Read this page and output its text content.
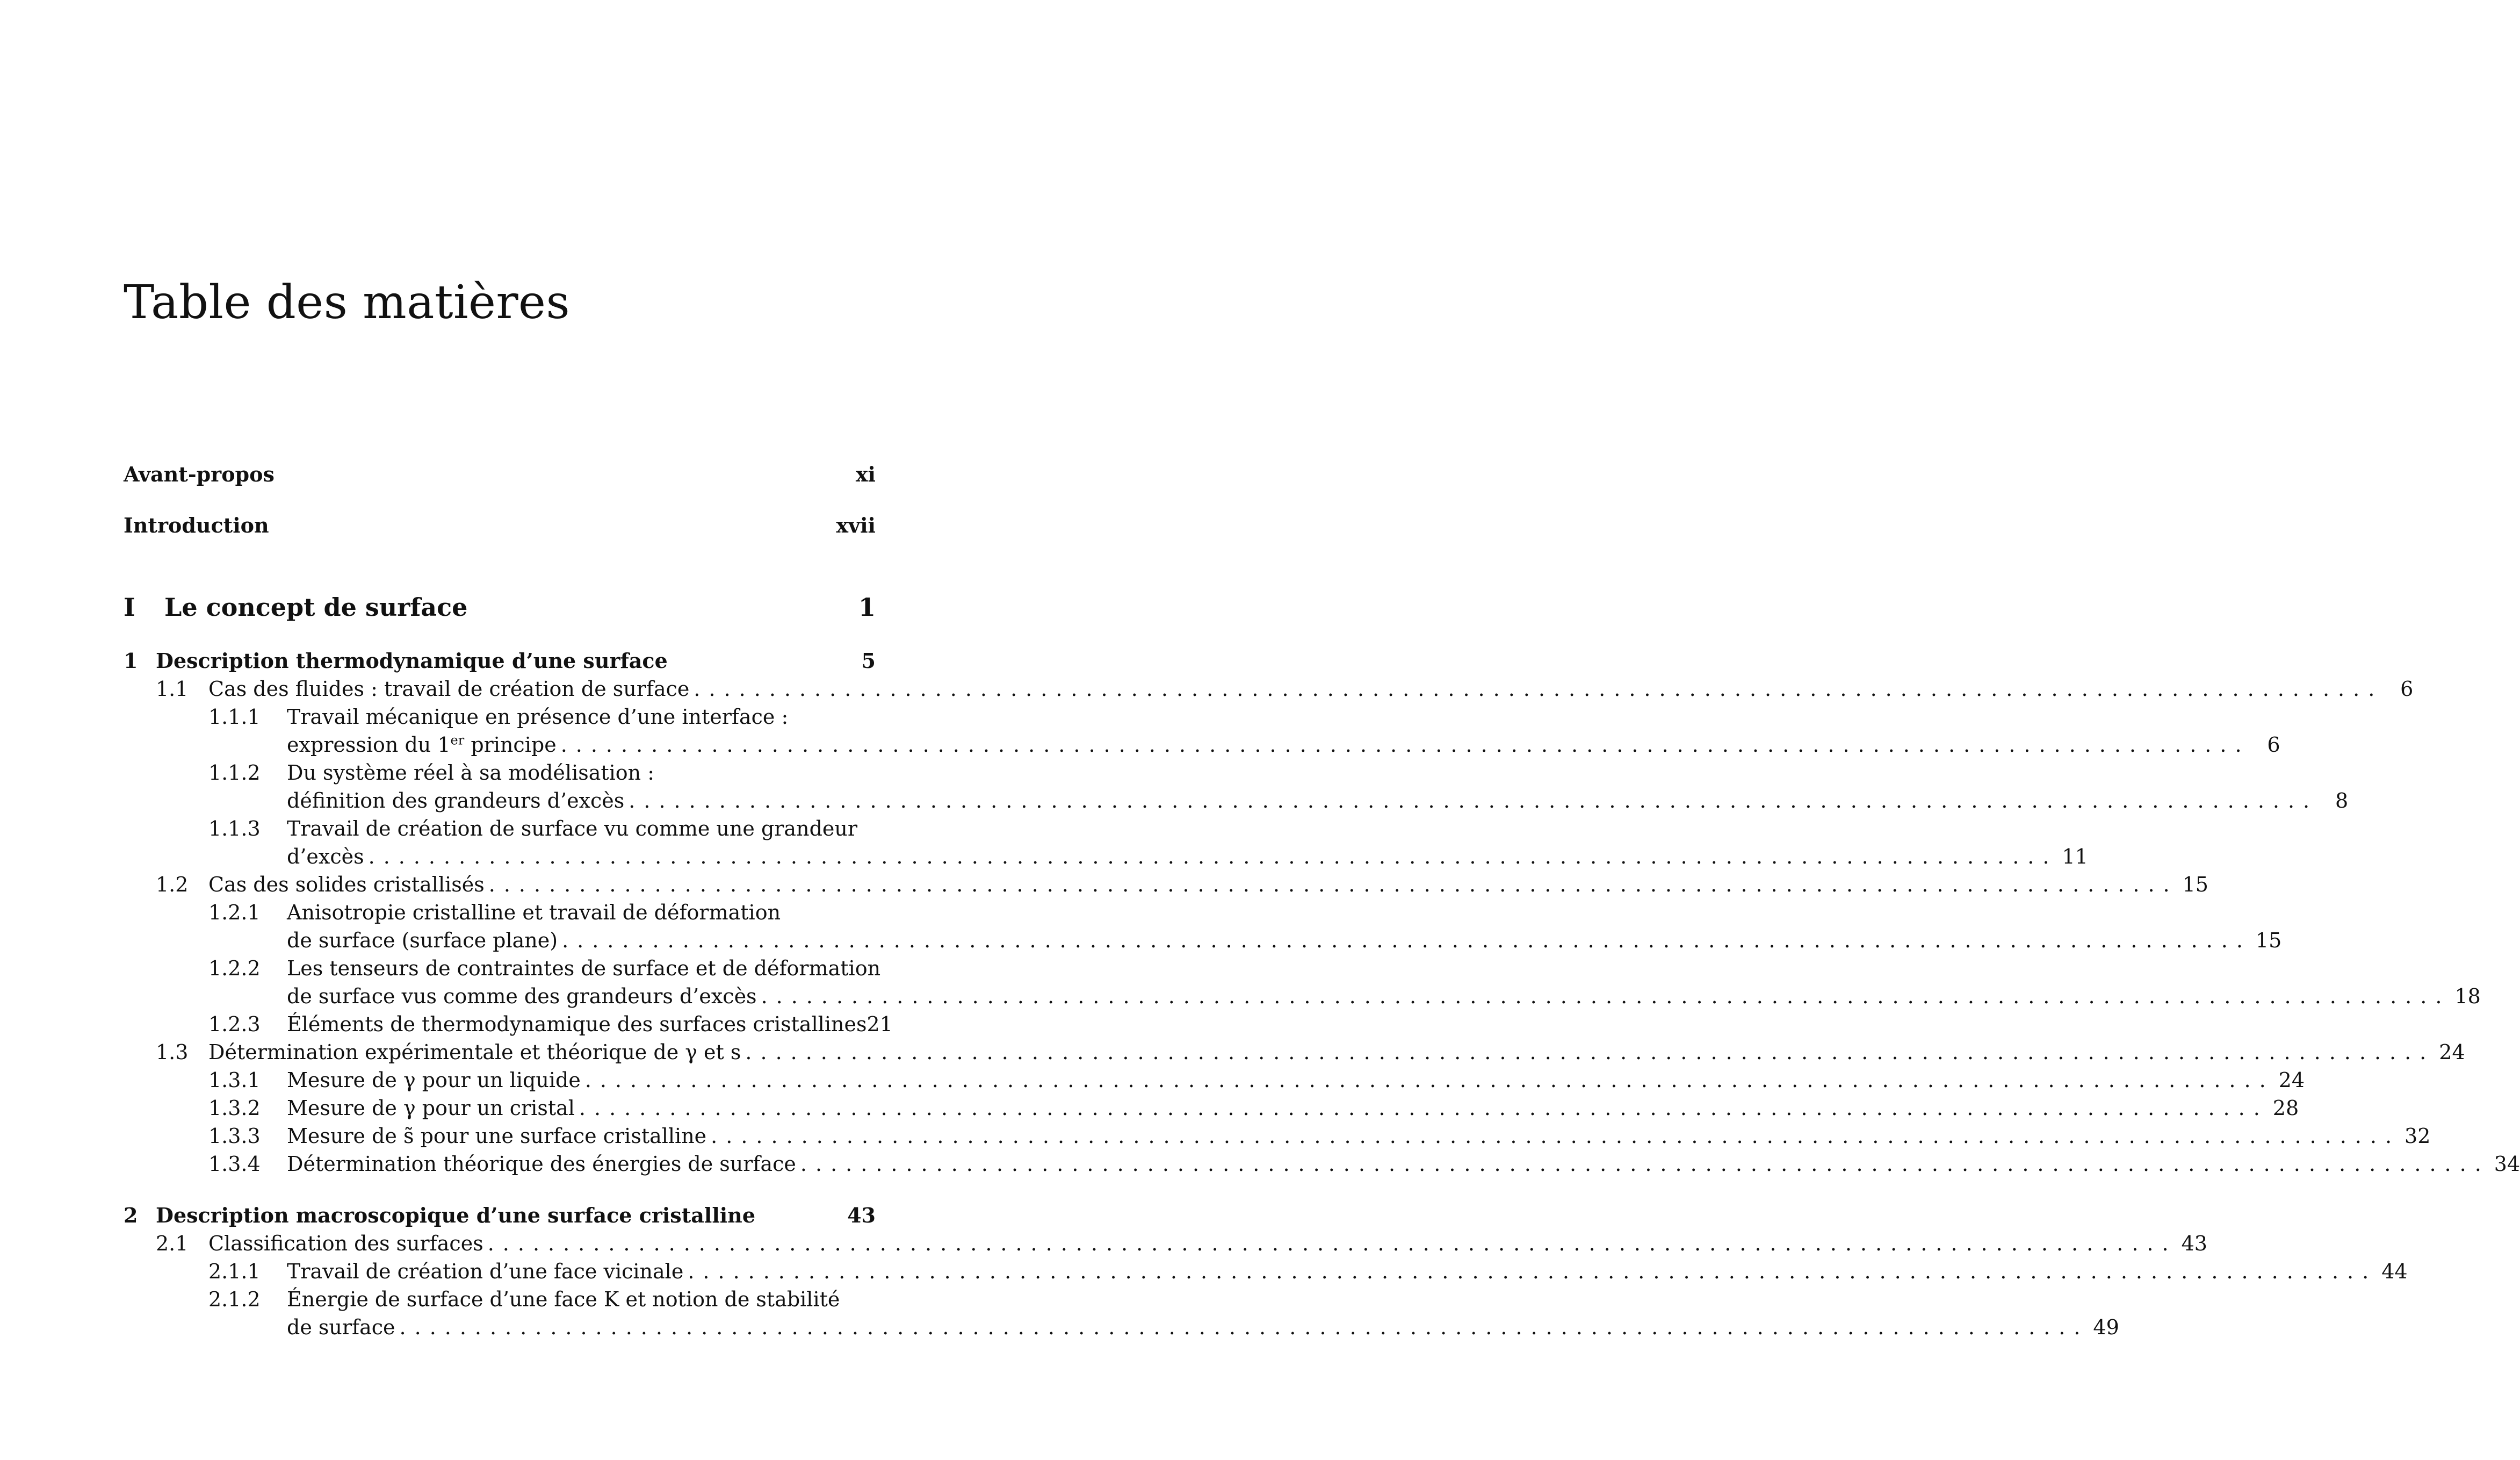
Table des matières
Avant-propos	xi
Introduction	xvii
I	Le concept de surface	1
1 Description thermodynamique d’une surface	5
1.1 Cas des fluides : travail de création de surface ................................................................................................................ 6
1.1.1	Travail mécanique en présence d’une interface :
expression du 1er principe ................................................................................................................ 6
1.1.2	Du système réel à sa modélisation :
définition des grandeurs d’excès ................................................................................................................ 8
1.1.3	Travail de création de surface vu comme une grandeur
d’excès ................................................................................................................ 11
1.2 Cas des solides cristallisés ................................................................................................................ 15
1.2.1	Anisotropie cristalline et travail de déformation
de surface (surface plane) ................................................................................................................ 15
1.2.2	Les tenseurs de contraintes de surface et de déformation
de surface vus comme des grandeurs d’excès ................................................................................................................ 18
1.2.3	Éléments de thermodynamique des surfaces cristallines 21
1.3 Détermination expérimentale et théorique de γ et s ................................................................................................................ 24
1.3.1	Mesure de γ pour un liquide ................................................................................................................ 24
1.3.2	Mesure de γ pour un cristal ................................................................................................................ 28
1.3.3	Mesure de s̃ pour une surface cristalline ................................................................................................................ 32
1.3.4	Détermination théorique des énergies de surface ................................................................................................................ 34
2 Description macroscopique d’une surface cristalline	43
2.1 Classification des surfaces ................................................................................................................ 43
2.1.1	Travail de création d’une face vicinale ................................................................................................................ 44
2.1.2	Énergie de surface d’une face K et notion de stabilité
de surface ................................................................................................................ 49
